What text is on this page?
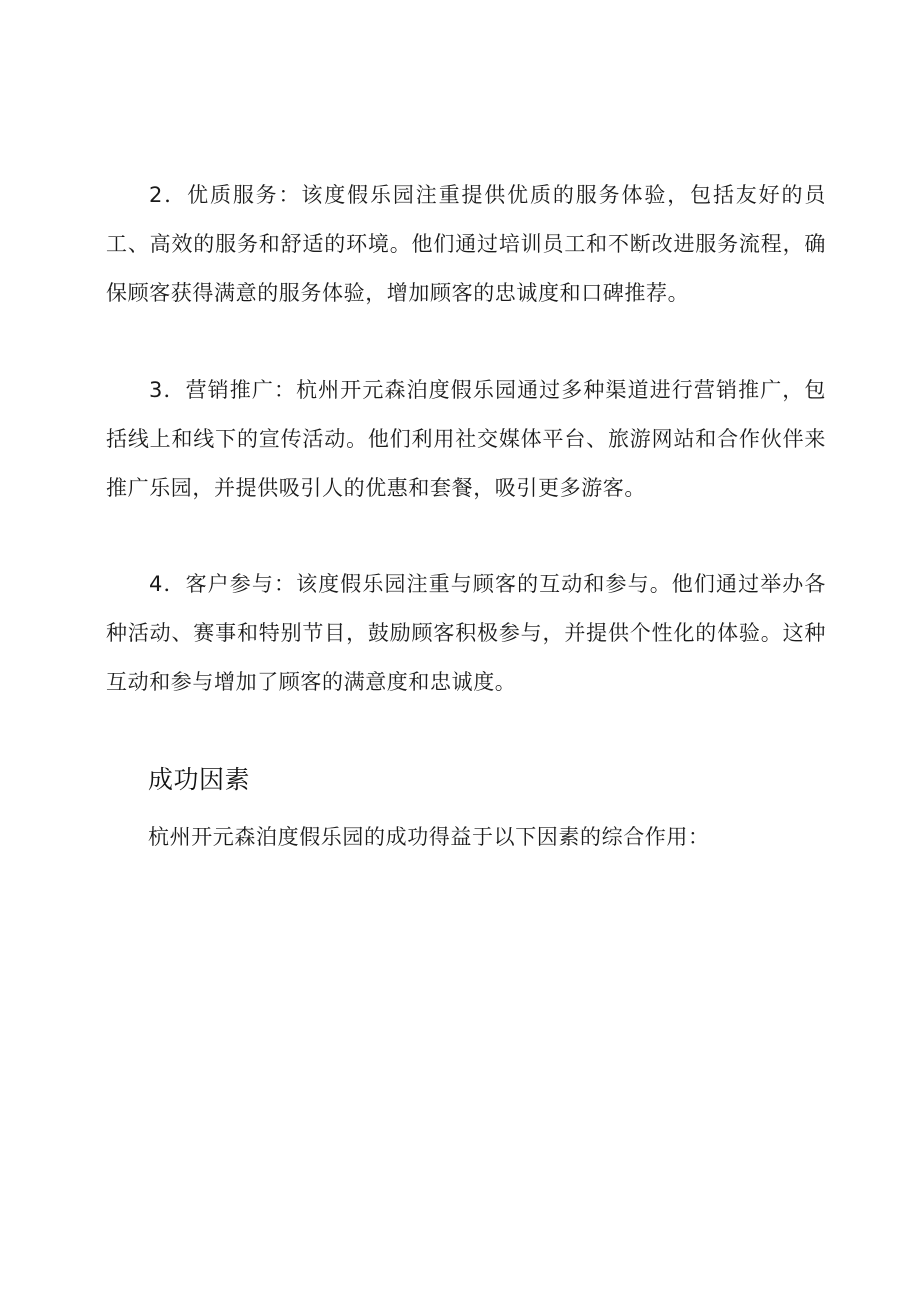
2．优质服务：该度假乐园注重提供优质的服务体验，包括友好的员工、高效的服务和舒适的环境。他们通过培训员工和不断改进服务流程，确保顾客获得满意的服务体验，增加顾客的忠诚度和口碑推荐。

3．营销推广：杭州开元森泊度假乐园通过多种渠道进行营销推广，包括线上和线下的宣传活动。他们利用社交媒体平台、旅游网站和合作伙伴来推广乐园，并提供吸引人的优惠和套餐，吸引更多游客。

4．客户参与：该度假乐园注重与顾客的互动和参与。他们通过举办各种活动、赛事和特别节目，鼓励顾客积极参与，并提供个性化的体验。这种互动和参与增加了顾客的满意度和忠诚度。

成功因素

杭州开元森泊度假乐园的成功得益于以下因素的综合作用：
